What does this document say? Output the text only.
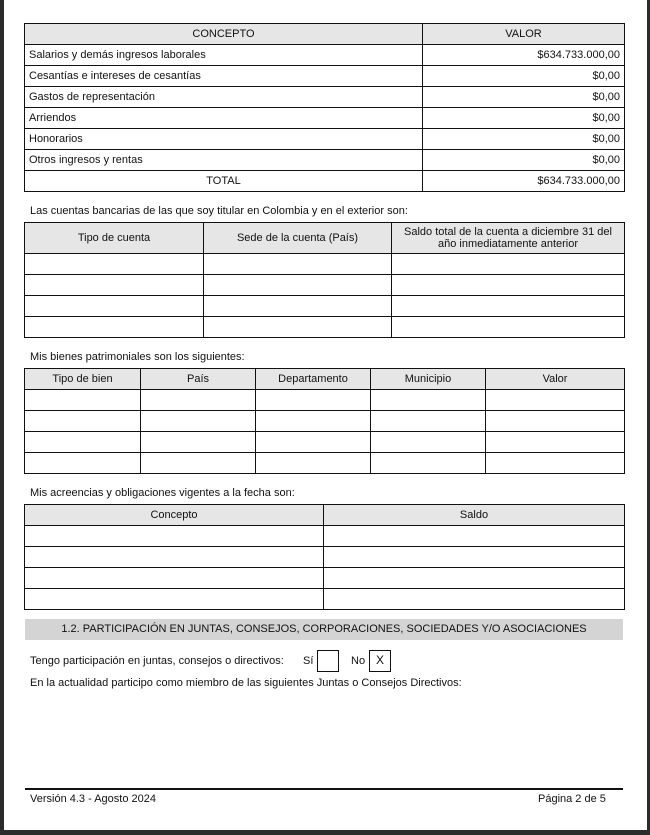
CONCEPTO	VALOR
Salarios y demás ingresos laborales	$634.733.000,00
Cesantías e intereses de cesantías	$0,00
Gastos de representación	$0,00
Arriendos	$0,00
Honorarios	$0,00
Otros ingresos y rentas	$0,00
TOTAL	$634.733.000,00
Las cuentas bancarias de las que soy titular en Colombia y en el exterior son:
Tipo de cuenta	Sede de la cuenta (País)	Saldo total de la cuenta a diciembre 31 del año inmediatamente anterior

Mis bienes patrimoniales son los siguientes:
Tipo de bien	País	Departamento	Municipio	Valor

Mis acreencias y obligaciones vigentes a la fecha son:
Concepto	Saldo

1.2. PARTICIPACIÓN EN JUNTAS, CONSEJOS, CORPORACIONES, SOCIEDADES Y/O ASOCIACIONES
Tengo participación en juntas, consejos o directivos: Sí	No X
En la actualidad participo como miembro de las siguientes Juntas o Consejos Directivos:
Versión 4.3 - Agosto 2024	Página 2 de 5
